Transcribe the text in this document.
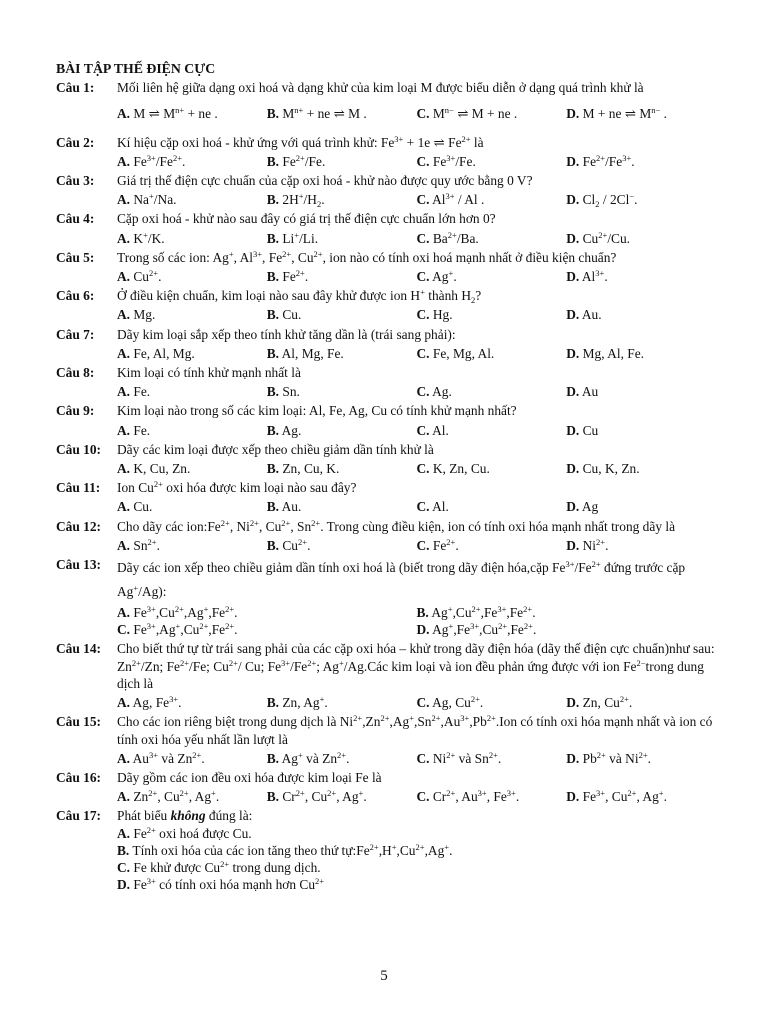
BÀI TẬP THẾ ĐIỆN CỰC
Câu 1:	Mối liên hệ giữa dạng oxi hoá và dạng khử của kim loại M được biểu diễn ở dạng quá trình khử là
A. M ⇌ $M^{n+}$ + ne .	B. $M^{n+}$ + ne ⇌ M .	C. $M^{n-}$ ⇌ M + ne .	D. M + ne ⇌ $M^{n-}$ .
Câu 2:	Kí hiệu cặp oxi hoá - khử ứng với quá trình khử: $Fe^{3+} + 1e$ ⇌ $Fe^{2+}$ là
A. $Fe^{3+}/Fe^{2+}$.	B. $Fe^{2+}/Fe$.	C. $Fe^{3+}/Fe$.	D. $Fe^{2+}/Fe^{3+}$.
Câu 3:	Giá trị thế điện cực chuẩn của cặp oxi hoá - khử nào được quy ước bằng 0 V?
A. Na+/Na.	B. $2H^+/H_2$.	C. $Al^{3+}$ / Al .	D. $Cl_2 / 2Cl^-$.
Câu 4:	Cặp oxi hoá - khử nào sau đây có giá trị thế điện cực chuẩn lớn hơn 0?
A. K+/K.	B. Li+/Li.	C. $Ba^{2+}/Ba$.	D. $Cu^{2+}/Cu$.
Câu 5:	Trong số các ion: Ag+, $Al^{3+}$, $Fe^{2+}$, $Cu^{2+}$, ion nào có tính oxi hoá mạnh nhất ở điều kiện chuẩn?
A. $Cu^{2+}$.	B. $Fe^{2+}$.	C. Ag+.	D. $Al^{3+}$.
Câu 6:	Ở điều kiện chuẩn, kim loại nào sau đây khử được ion H+ thành $H_2$?
A. Mg.	B. Cu.	C. Hg.	D. Au.
Câu 7:	Dãy kim loại sắp xếp theo tính khử tăng dần là (trái sang phải):
A. Fe, Al, Mg.	B. Al, Mg, Fe.	C. Fe, Mg, Al.	D. Mg, Al, Fe.
Câu 8:	Kim loại có tính khử mạnh nhất là
A. Fe.	B. Sn.	C. Ag.	D. Au
Câu 9:	Kim loại nào trong số các kim loại: Al, Fe, Ag, Cu có tính khử mạnh nhất?
A. Fe.	B. Ag.	C. Al.	D. Cu
Câu 10:	Dãy các kim loại được xếp theo chiều giảm dần tính khử là
A. K, Cu, Zn.	B. Zn, Cu, K.	C. K, Zn, Cu.	D. Cu, K, Zn.
Câu 11:	Ion $Cu^{2+}$ oxi hóa được kim loại nào sau đây?
A. Cu.	B. Au.	C. Al.	D. Ag
Câu 12:	Cho dãy các $ion:Fe^{2+}$, $Ni^{2+}$, $Cu^{2+}$, $Sn^{2+}$. Trong cùng điều kiện, ion có tính oxi hóa mạnh nhất trong dãy là
A. $Sn^{2+}$.	B. $Cu^{2+}$.	C. $Fe^{2+}$.	D. $Ni^{2+}$.
Câu 13:	Dãy các ion xếp theo chiều giảm dần tính oxi hoá là (biết trong dãy điện hóa,cặp $Fe^{3+}/Fe^{2+}$ đứng trước cặp Ag+/Ag):
A. $Fe^{3+},Cu^{2+},Ag^+,Fe^{2+}$.	B. $Ag^+,Cu^{2+},Fe^{3+},Fe^{2+}$.
C. $Fe^{3+},Ag^+,Cu^{2+},Fe^{2+}$.	D. $Ag^+,Fe^{3+},Cu^{2+},Fe^{2+}$.
Câu 14:	Cho biết thứ tự từ trái sang phải của các cặp oxi hóa – khử trong dãy điện hóa (dãy thế điện cực chuẩn)như sau: $Zn^{2+}/Zn$; $Fe^{2+}/Fe$; $Cu^{2+}/$ Cu; $Fe^{3+}/Fe^{2+}$; Ag+/Ag.Các kim loại và ion đều phản ứng được với ion $Fe^{2-}trong$ dung dịch là
A. Ag, $Fe^{3+}$.	B. Zn, Ag+.	C. Ag, $Cu^{2+}$.	D. Zn, $Cu^{2+}$.
Câu 15:	Cho các ion riêng biệt trong dung dịch là $Ni^{2+},Zn^{2+},Ag^+,Sn^{2+},Au^{3+},Pb^{2+}.Ion$ có tính oxi hóa mạnh nhất và ion có tính oxi hóa yếu nhất lần lượt là
A. $Au^{3+}$ và $Zn^{2+}$.	B. Ag+ và $Zn^{2+}$.	C. $Ni^{2+}$ và $Sn^{2+}$.	D. $Pb^{2+}$ và $Ni^{2+}$.
Câu 16:	Dãy gồm các ion đều oxi hóa được kim loại Fe là
A. $Zn^{2+}$, $Cu^{2+}$, Ag+.	B. $Cr^{2+}$, $Cu^{2+}$, Ag+.	C. $Cr^{2+}$, $Au^{3+}$, $Fe^{3+}$.	D. $Fe^{3+}$, $Cu^{2+}$, Ag+.
Câu 17:	Phát biểu không đúng là:
A. $Fe^{2+}$ oxi hoá được Cu.
B. Tính oxi hóa của các ion tăng theo thứ $tự:Fe^{2+},H^+,Cu^{2+},Ag^+$.
C. Fe khử được $Cu^{2+}$ trong dung dịch.
D. $Fe^{3+}$ có tính oxi hóa mạnh hơn $Cu^{2+}$
5
